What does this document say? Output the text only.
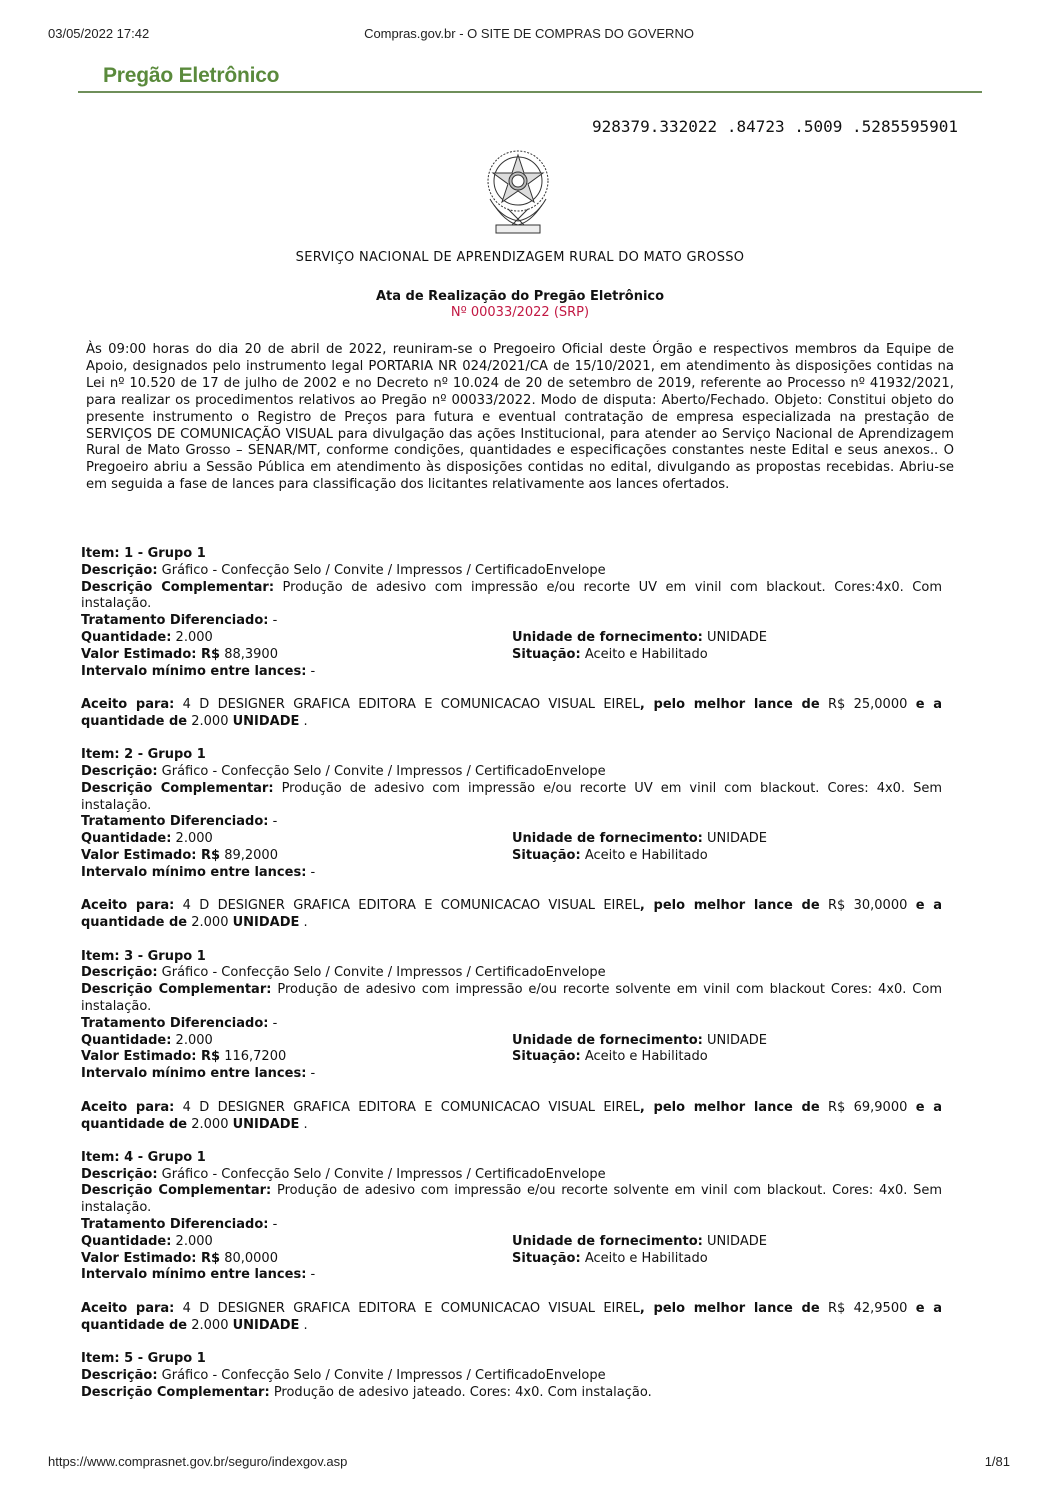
03/05/2022 17:42	Compras.gov.br - O SITE DE COMPRAS DO GOVERNO
Pregão Eletrônico
928379.332022 .84723 .5009 .5285595901
SERVIÇO NACIONAL DE APRENDIZAGEM RURAL DO MATO GROSSO
Ata de Realização do Pregão Eletrônico
Nº 00033/2022 (SRP)
Às 09:00 horas do dia 20 de abril de 2022, reuniram-se o Pregoeiro Oficial deste Órgão e respectivos membros da Equipe de Apoio, designados pelo instrumento legal PORTARIA NR 024/2021/CA de 15/10/2021, em atendimento às disposições contidas na Lei nº 10.520 de 17 de julho de 2002 e no Decreto nº 10.024 de 20 de setembro de 2019, referente ao Processo nº 41932/2021, para realizar os procedimentos relativos ao Pregão nº 00033/2022. Modo de disputa: Aberto/Fechado. Objeto: Constitui objeto do presente instrumento o Registro de Preços para futura e eventual contratação de empresa especializada na prestação de SERVIÇOS DE COMUNICAÇÃO VISUAL para divulgação das ações Institucional, para atender ao Serviço Nacional de Aprendizagem Rural de Mato Grosso – SENAR/MT, conforme condições, quantidades e especificações constantes neste Edital e seus anexos.. O Pregoeiro abriu a Sessão Pública em atendimento às disposições contidas no edital, divulgando as propostas recebidas. Abriu-se em seguida a fase de lances para classificação dos licitantes relativamente aos lances ofertados.

Item: 1 - Grupo 1

Descrição: Gráfico - Confecção Selo / Convite / Impressos / CertificadoEnvelope

Descrição Complementar: Produção de adesivo com impressão e/ou recorte UV em vinil com blackout. Cores:4x0. Com instalação.

Tratamento Diferenciado: -

Quantidade: 2.000	Unidade de fornecimento: UNIDADE

Valor Estimado: R$ 88,3900	Situação: Aceito e Habilitado

Intervalo mínimo entre lances: -

Aceito para: 4 D DESIGNER GRAFICA EDITORA E COMUNICACAO VISUAL EIREL, pelo melhor lance de R$ 25,0000 e a quantidade de 2.000 UNIDADE .

Item: 2 - Grupo 1

Descrição: Gráfico - Confecção Selo / Convite / Impressos / CertificadoEnvelope

Descrição Complementar: Produção de adesivo com impressão e/ou recorte UV em vinil com blackout. Cores: 4x0. Sem instalação.

Tratamento Diferenciado: -

Quantidade: 2.000	Unidade de fornecimento: UNIDADE

Valor Estimado: R$ 89,2000	Situação: Aceito e Habilitado

Intervalo mínimo entre lances: -

Aceito para: 4 D DESIGNER GRAFICA EDITORA E COMUNICACAO VISUAL EIREL, pelo melhor lance de R$ 30,0000 e a quantidade de 2.000 UNIDADE .

Item: 3 - Grupo 1

Descrição: Gráfico - Confecção Selo / Convite / Impressos / CertificadoEnvelope

Descrição Complementar: Produção de adesivo com impressão e/ou recorte solvente em vinil com blackout Cores: 4x0. Com instalação.

Tratamento Diferenciado: -

Quantidade: 2.000	Unidade de fornecimento: UNIDADE

Valor Estimado: R$ 116,7200	Situação: Aceito e Habilitado

Intervalo mínimo entre lances: -

Aceito para: 4 D DESIGNER GRAFICA EDITORA E COMUNICACAO VISUAL EIREL, pelo melhor lance de R$ 69,9000 e a quantidade de 2.000 UNIDADE .

Item: 4 - Grupo 1

Descrição: Gráfico - Confecção Selo / Convite / Impressos / CertificadoEnvelope

Descrição Complementar: Produção de adesivo com impressão e/ou recorte solvente em vinil com blackout. Cores: 4x0. Sem instalação.

Tratamento Diferenciado: -

Quantidade: 2.000	Unidade de fornecimento: UNIDADE

Valor Estimado: R$ 80,0000	Situação: Aceito e Habilitado

Intervalo mínimo entre lances: -

Aceito para: 4 D DESIGNER GRAFICA EDITORA E COMUNICACAO VISUAL EIREL, pelo melhor lance de R$ 42,9500 e a quantidade de 2.000 UNIDADE .

Item: 5 - Grupo 1

Descrição: Gráfico - Confecção Selo / Convite / Impressos / CertificadoEnvelope

Descrição Complementar: Produção de adesivo jateado. Cores: 4x0. Com instalação.

https://www.comprasnet.gov.br/seguro/indexgov.asp	1/81
